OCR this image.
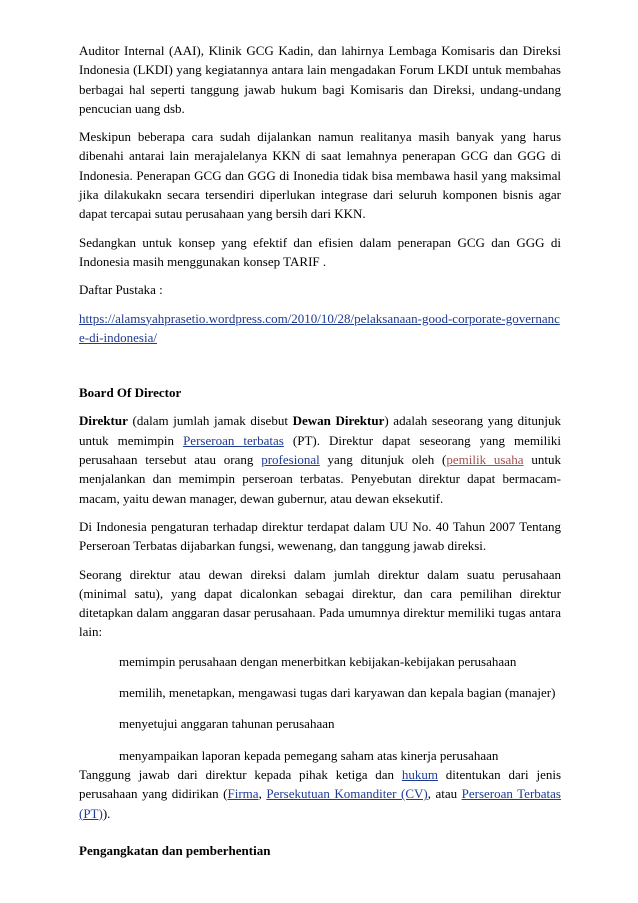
Auditor Internal (AAI), Klinik GCG Kadin, dan lahirnya Lembaga Komisaris dan Direksi Indonesia (LKDI) yang kegiatannya antara lain mengadakan Forum LKDI untuk membahas berbagai hal seperti tanggung jawab hukum bagi Komisaris dan Direksi, undang-undang pencucian uang dsb.

Meskipun beberapa cara sudah dijalankan namun realitanya masih banyak yang harus dibenahi antarai lain merajalelanya KKN di saat lemahnya penerapan GCG dan GGG di Indonesia. Penerapan GCG dan GGG di Inonedia tidak bisa membawa hasil yang maksimal jika dilakukakn secara tersendiri diperlukan integrase dari seluruh komponen bisnis agar dapat tercapai sutau perusahaan yang bersih dari KKN.

Sedangkan untuk konsep yang efektif dan efisien dalam penerapan GCG dan GGG di Indonesia masih menggunakan konsep TARIF .

Daftar Pustaka :

https://alamsyahprasetio.wordpress.com/2010/10/28/pelaksanaan-good-corporate-governance-di-indonesia/

Board Of Director

Direktur (dalam jumlah jamak disebut Dewan Direktur) adalah seseorang yang ditunjuk untuk memimpin Perseroan terbatas (PT). Direktur dapat seseorang yang memiliki perusahaan tersebut atau orang profesional yang ditunjuk oleh (pemilik usaha untuk menjalankan dan memimpin perseroan terbatas. Penyebutan direktur dapat bermacam-macam, yaitu dewan manager, dewan gubernur, atau dewan eksekutif.

Di Indonesia pengaturan terhadap direktur terdapat dalam UU No. 40 Tahun 2007 Tentang Perseroan Terbatas dijabarkan fungsi, wewenang, dan tanggung jawab direksi.

Seorang direktur atau dewan direksi dalam jumlah direktur dalam suatu perusahaan (minimal satu), yang dapat dicalonkan sebagai direktur, dan cara pemilihan direktur ditetapkan dalam anggaran dasar perusahaan. Pada umumnya direktur memiliki tugas antara lain:

memimpin perusahaan dengan menerbitkan kebijakan-kebijakan perusahaan

memilih, menetapkan, mengawasi tugas dari karyawan dan kepala bagian (manajer)

menyetujui anggaran tahunan perusahaan

menyampaikan laporan kepada pemegang saham atas kinerja perusahaan

Tanggung jawab dari direktur kepada pihak ketiga dan hukum ditentukan dari jenis perusahaan yang didirikan (Firma, Persekutuan Komanditer (CV), atau Perseroan Terbatas (PT)).

Pengangkatan dan pemberhentian
